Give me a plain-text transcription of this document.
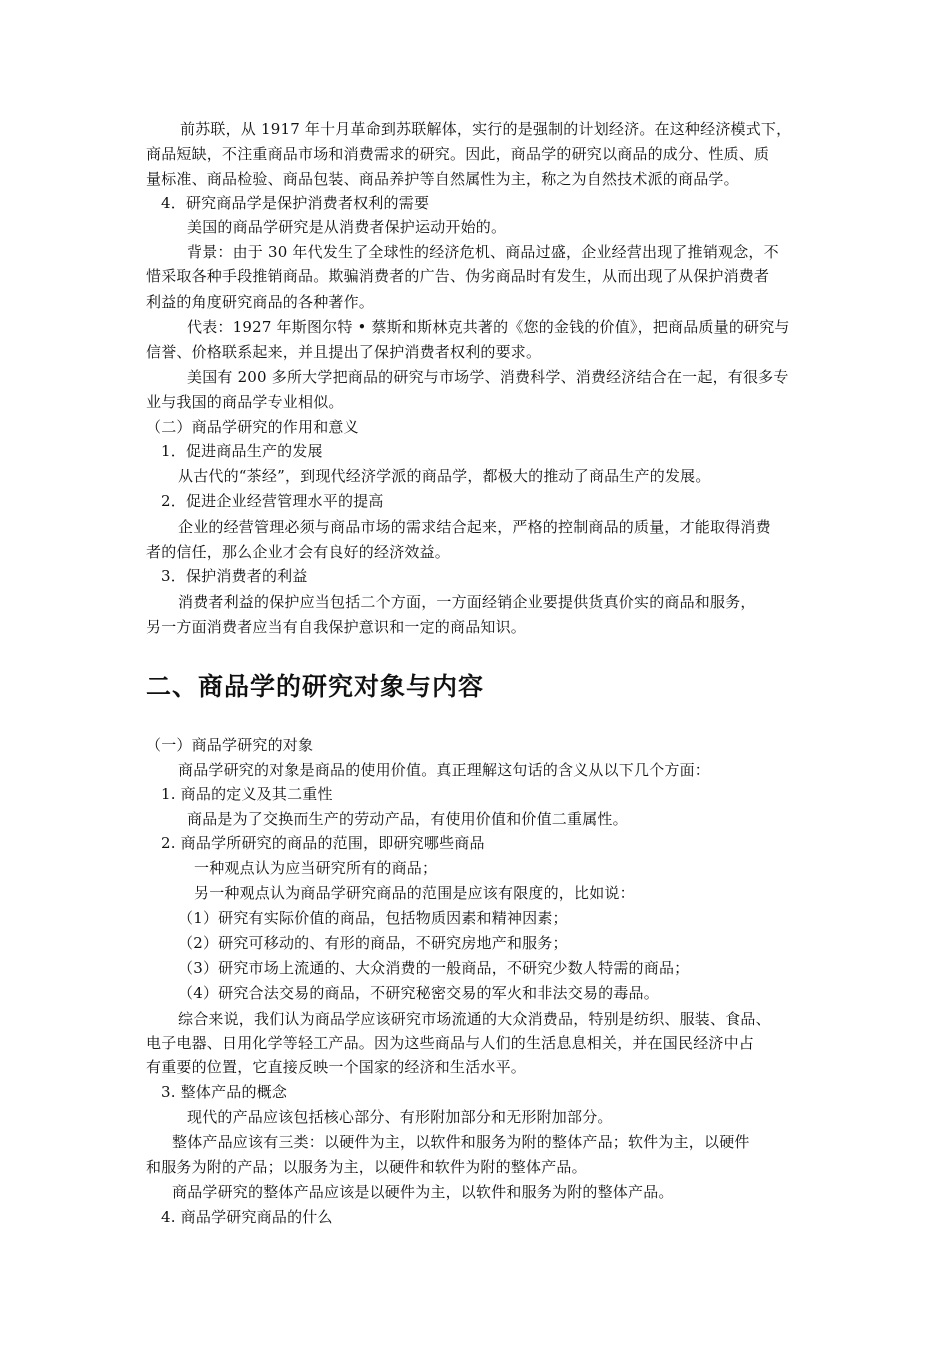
前苏联，从 1917 年十月革命到苏联解体，实行的是强制的计划经济。在这种经济模式下，
商品短缺，不注重商品市场和消费需求的研究。因此，商品学的研究以商品的成分、性质、质
量标准、商品检验、商品包装、商品养护等自然属性为主，称之为自然技术派的商品学。
4．研究商品学是保护消费者权利的需要
美国的商品学研究是从消费者保护运动开始的。
背景：由于 30 年代发生了全球性的经济危机、商品过盛，企业经营出现了推销观念，不
惜采取各种手段推销商品。欺骗消费者的广告、伪劣商品时有发生，从而出现了从保护消费者
利益的角度研究商品的各种著作。
代表：1927 年斯图尔特 • 蔡斯和斯林克共著的《您的金钱的价值》，把商品质量的研究与
信誉、价格联系起来，并且提出了保护消费者权利的要求。
美国有 200 多所大学把商品的研究与市场学、消费科学、消费经济结合在一起，有很多专
业与我国的商品学专业相似。
（二）商品学研究的作用和意义
1．促进商品生产的发展
从古代的“茶经”，到现代经济学派的商品学，都极大的推动了商品生产的发展。
2．促进企业经营管理水平的提高
企业的经营管理必须与商品市场的需求结合起来，严格的控制商品的质量，才能取得消费
者的信任，那么企业才会有良好的经济效益。
3．保护消费者的利益
消费者利益的保护应当包括二个方面，一方面经销企业要提供货真价实的商品和服务，
另一方面消费者应当有自我保护意识和一定的商品知识。
二、商品学的研究对象与内容
（一）商品学研究的对象
商品学研究的对象是商品的使用价值。真正理解这句话的含义从以下几个方面：
1. 商品的定义及其二重性
商品是为了交换而生产的劳动产品，有使用价值和价值二重属性。
2. 商品学所研究的商品的范围，即研究哪些商品
一种观点认为应当研究所有的商品；
另一种观点认为商品学研究商品的范围是应该有限度的，比如说：
（1）研究有实际价值的商品，包括物质因素和精神因素；
（2）研究可移动的、有形的商品，不研究房地产和服务；
（3）研究市场上流通的、大众消费的一般商品，不研究少数人特需的商品；
（4）研究合法交易的商品，不研究秘密交易的军火和非法交易的毒品。
综合来说，我们认为商品学应该研究市场流通的大众消费品，特别是纺织、服装、食品、
电子电器、日用化学等轻工产品。因为这些商品与人们的生活息息相关，并在国民经济中占
有重要的位置，它直接反映一个国家的经济和生活水平。
3. 整体产品的概念
现代的产品应该包括核心部分、有形附加部分和无形附加部分。
整体产品应该有三类：以硬件为主，以软件和服务为附的整体产品；软件为主，以硬件
和服务为附的产品；以服务为主，以硬件和软件为附的整体产品。
商品学研究的整体产品应该是以硬件为主，以软件和服务为附的整体产品。
4. 商品学研究商品的什么
